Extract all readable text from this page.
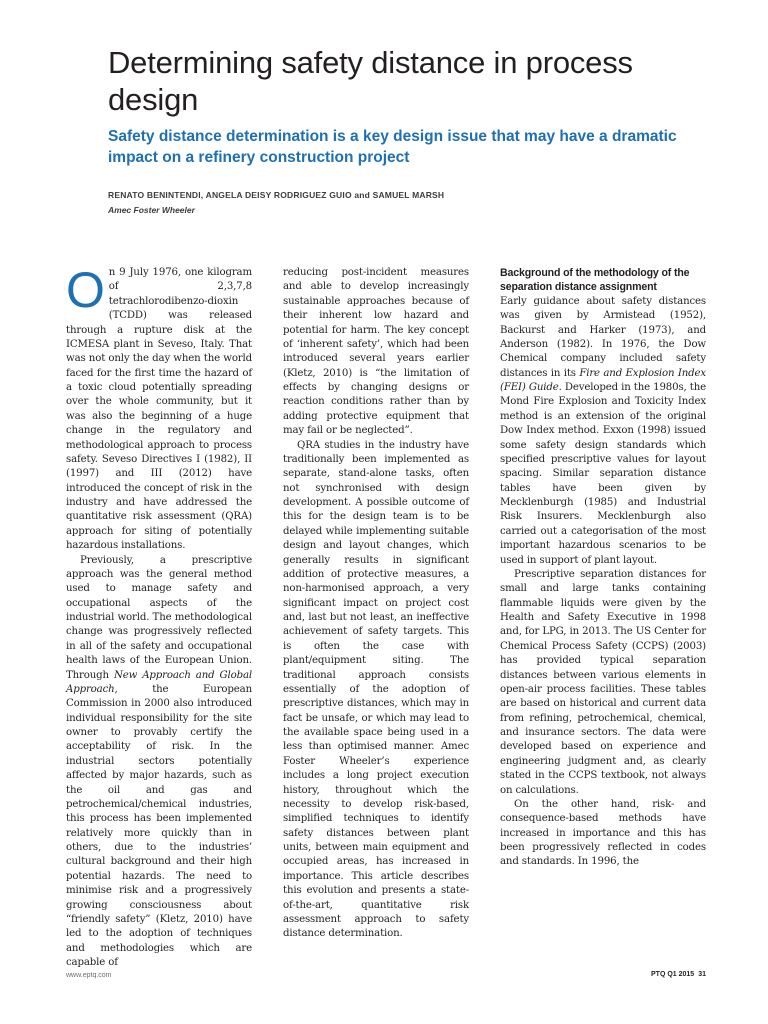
Determining safety distance in process design
Safety distance determination is a key design issue that may have a dramatic impact on a refinery construction project
RENATO BENINTENDI, ANGELA DEISY RODRIGUEZ GUIO and SAMUEL MARSH
Amec Foster Wheeler

On 9 July 1976, one kilogram of 2,3,7,8 tetrachlorodibenzo-dioxin (TCDD) was released through a rupture disk at the ICMESA plant in Seveso, Italy. That was not only the day when the world faced for the first time the hazard of a toxic cloud potentially spreading over the whole community, but it was also the beginning of a huge change in the regulatory and methodological approach to process safety. Seveso Directives I (1982), II (1997) and III (2012) have introduced the concept of risk in the industry and have addressed the quantitative risk assessment (QRA) approach for siting of potentially hazardous installations.

Previously, a prescriptive approach was the general method used to manage safety and occupational aspects of the industrial world. The methodological change was progressively reflected in all of the safety and occupational health laws of the European Union. Through New Approach and Global Approach, the European Commission in 2000 also introduced individual responsibility for the site owner to provably certify the acceptability of risk. In the industrial sectors potentially affected by major hazards, such as the oil and gas and petrochemical/chemical industries, this process has been implemented relatively more quickly than in others, due to the industries’ cultural background and their high potential hazards. The need to minimise risk and a progressively growing consciousness about “friendly safety” (Kletz, 2010) have led to the adoption of techniques and methodologies which are capable of

reducing post-incident measures and able to develop increasingly sustainable approaches because of their inherent low hazard and potential for harm. The key concept of ‘inherent safety’, which had been introduced several years earlier (Kletz, 2010) is “the limitation of effects by changing designs or reaction conditions rather than by adding protective equipment that may fail or be neglected”.

QRA studies in the industry have traditionally been implemented as separate, stand-alone tasks, often not synchronised with design development. A possible outcome of this for the design team is to be delayed while implementing suitable design and layout changes, which generally results in significant addition of protective measures, a non-harmonised approach, a very significant impact on project cost and, last but not least, an ineffective achievement of safety targets. This is often the case with plant/equipment siting. The traditional approach consists essentially of the adoption of prescriptive distances, which may in fact be unsafe, or which may lead to the available space being used in a less than optimised manner. Amec Foster Wheeler’s experience includes a long project execution history, throughout which the necessity to develop risk-based, simplified techniques to identify safety distances between plant units, between main equipment and occupied areas, has increased in importance. This article describes this evolution and presents a state-of-the-art, quantitative risk assessment approach to safety distance determination.

Background of the methodology of the separation distance assignment

Early guidance about safety distances was given by Armistead (1952), Backurst and Harker (1973), and Anderson (1982). In 1976, the Dow Chemical company included safety distances in its Fire and Explosion Index (FEI) Guide. Developed in the 1980s, the Mond Fire Explosion and Toxicity Index method is an extension of the original Dow Index method. Exxon (1998) issued some safety design standards which specified prescriptive values for layout spacing. Similar separation distance tables have been given by Mecklenburgh (1985) and Industrial Risk Insurers. Mecklenburgh also carried out a categorisation of the most important hazardous scenarios to be used in support of plant layout.

Prescriptive separation distances for small and large tanks containing flammable liquids were given by the Health and Safety Executive in 1998 and, for LPG, in 2013. The US Center for Chemical Process Safety (CCPS) (2003) has provided typical separation distances between various elements in open-air process facilities. These tables are based on historical and current data from refining, petrochemical, chemical, and insurance sectors. The data were developed based on experience and engineering judgment and, as clearly stated in the CCPS textbook, not always on calculations.

On the other hand, risk- and consequence-based methods have increased in importance and this has been progressively reflected in codes and standards. In 1996, the

www.eptq.com	PTQ Q1 2015 31
